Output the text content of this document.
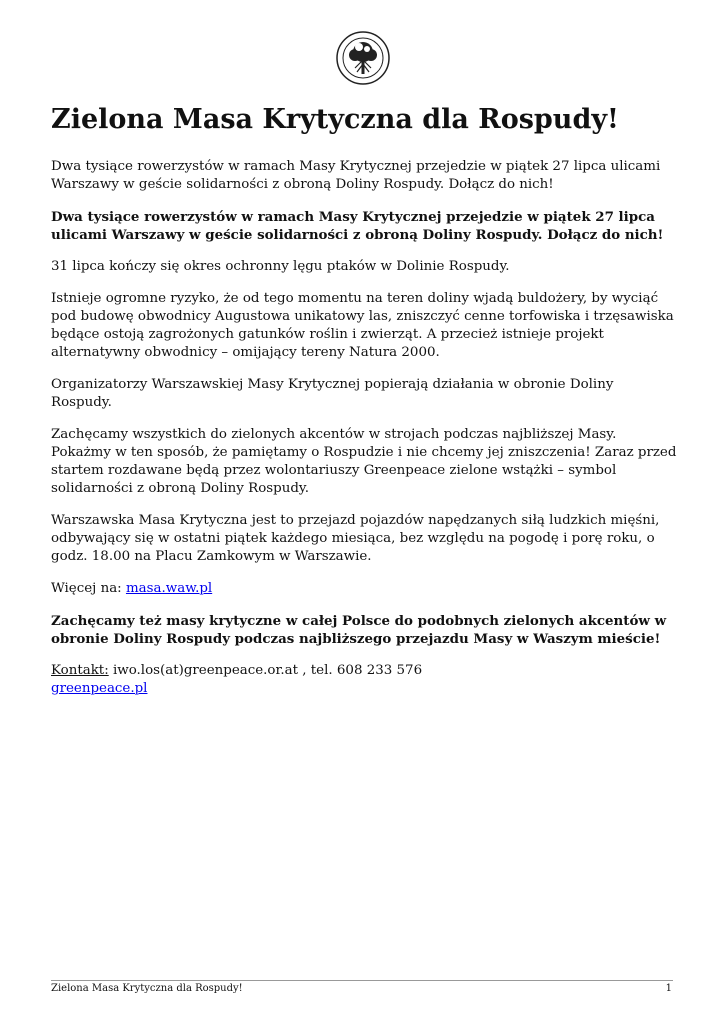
Zielona Masa Krytyczna dla Rospudy!

Dwa tysiące rowerzystów w ramach Masy Krytycznej przejedzie w piątek 27 lipca ulicami Warszawy w geście solidarności z obroną Doliny Rospudy. Dołącz do nich!

Dwa tysiące rowerzystów w ramach Masy Krytycznej przejedzie w piątek 27 lipca ulicami Warszawy w geście solidarności z obroną Doliny Rospudy. Dołącz do nich!

31 lipca kończy się okres ochronny lęgu ptaków w Dolinie Rospudy.

Istnieje ogromne ryzyko, że od tego momentu na teren doliny wjadą buldożery, by wyciąć pod budowę obwodnicy Augustowa unikatowy las, zniszczyć cenne torfowiska i trzęsawiska będące ostoją zagrożonych gatunków roślin i zwierząt. A przecież istnieje projekt alternatywny obwodnicy – omijający tereny Natura 2000.

Organizatorzy Warszawskiej Masy Krytycznej popierają działania w obronie Doliny Rospudy.

Zachęcamy wszystkich do zielonych akcentów w strojach podczas najbliższej Masy. Pokażmy w ten sposób, że pamiętamy o Rospudzie i nie chcemy jej zniszczenia! Zaraz przed startem rozdawane będą przez wolontariuszy Greenpeace zielone wstążki – symbol solidarności z obroną Doliny Rospudy.

Warszawska Masa Krytyczna jest to przejazd pojazdów napędzanych siłą ludzkich mięśni, odbywający się w ostatni piątek każdego miesiąca, bez względu na pogodę i porę roku, o godz. 18.00 na Placu Zamkowym w Warszawie.

Więcej na: masa.waw.pl

Zachęcamy też masy krytyczne w całej Polsce do podobnych zielonych akcentów w obronie Doliny Rospudy podczas najbliższego przejazdu Masy w Waszym mieście!

Kontakt: iwo.los(at)greenpeace.or.at , tel. 608 233 576
greenpeace.pl

Zielona Masa Krytyczna dla Rospudy!	1
